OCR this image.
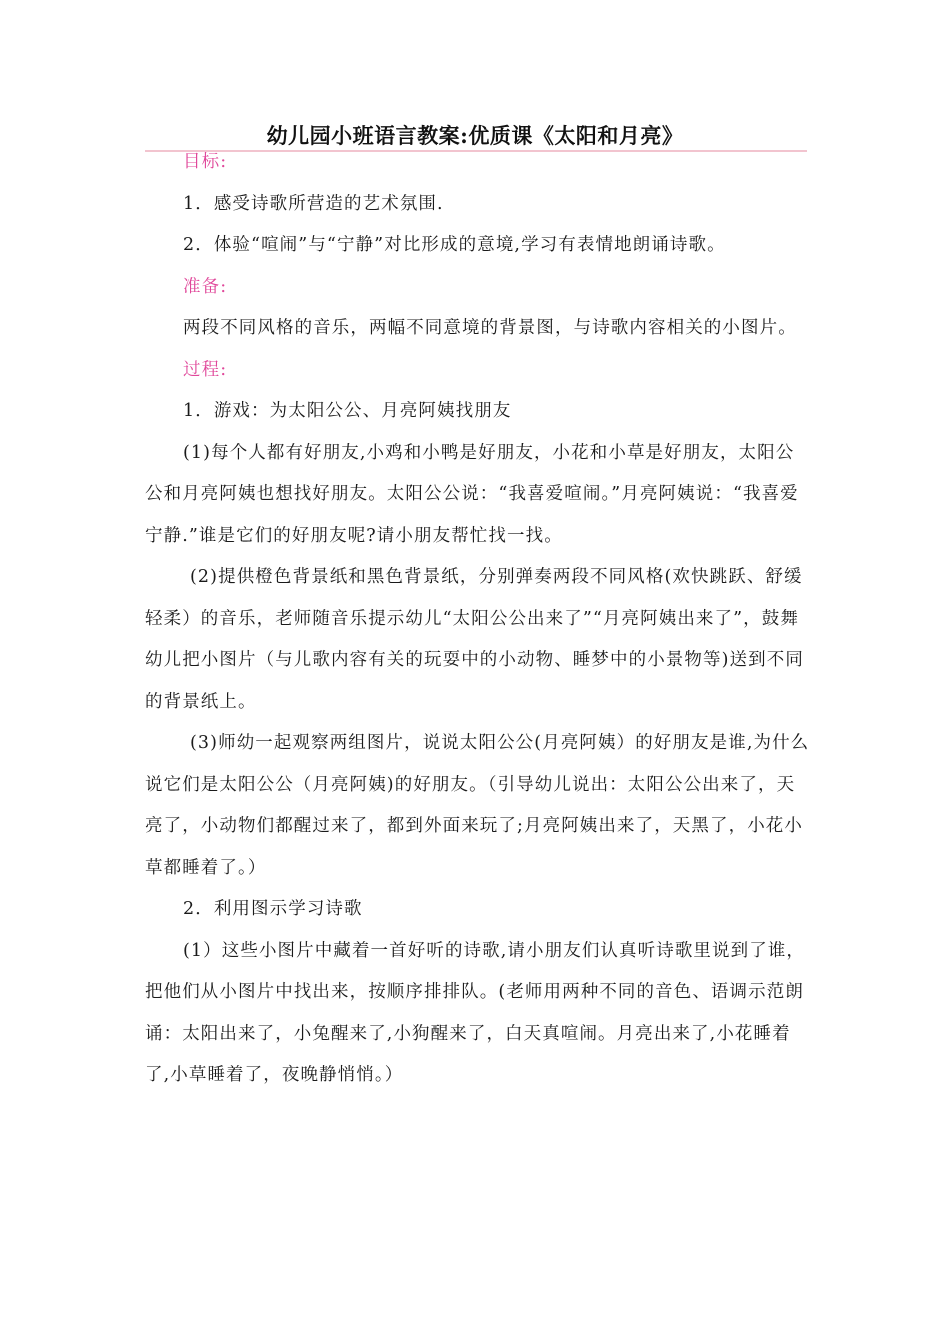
幼儿园小班语言教案:优质课《太阳和月亮》

目标:

1．感受诗歌所营造的艺术氛围.

2．体验“喧闹”与“宁静”对比形成的意境,学习有表情地朗诵诗歌。

准备:

两段不同风格的音乐，两幅不同意境的背景图，与诗歌内容相关的小图片。

过程:

1．游戏：为太阳公公、月亮阿姨找朋友

(1)每个人都有好朋友,小鸡和小鸭是好朋友，小花和小草是好朋友，太阳公公和月亮阿姨也想找好朋友。太阳公公说：“我喜爱喧闹。”月亮阿姨说：“我喜爱宁静.”谁是它们的好朋友呢?请小朋友帮忙找一找。

(2)提供橙色背景纸和黑色背景纸，分别弹奏两段不同风格(欢快跳跃、舒缓轻柔）的音乐，老师随音乐提示幼儿“太阳公公出来了”“月亮阿姨出来了”，鼓舞幼儿把小图片（与儿歌内容有关的玩耍中的小动物、睡梦中的小景物等)送到不同的背景纸上。

(3)师幼一起观察两组图片，说说太阳公公(月亮阿姨）的好朋友是谁,为什么说它们是太阳公公（月亮阿姨)的好朋友。（引导幼儿说出：太阳公公出来了，天亮了，小动物们都醒过来了，都到外面来玩了;月亮阿姨出来了，天黑了，小花小草都睡着了。）

2．利用图示学习诗歌

(1）这些小图片中藏着一首好听的诗歌,请小朋友们认真听诗歌里说到了谁，把他们从小图片中找出来，按顺序排排队。(老师用两种不同的音色、语调示范朗诵：太阳出来了，小兔醒来了,小狗醒来了，白天真喧闹。月亮出来了,小花睡着了,小草睡着了，夜晚静悄悄。）
